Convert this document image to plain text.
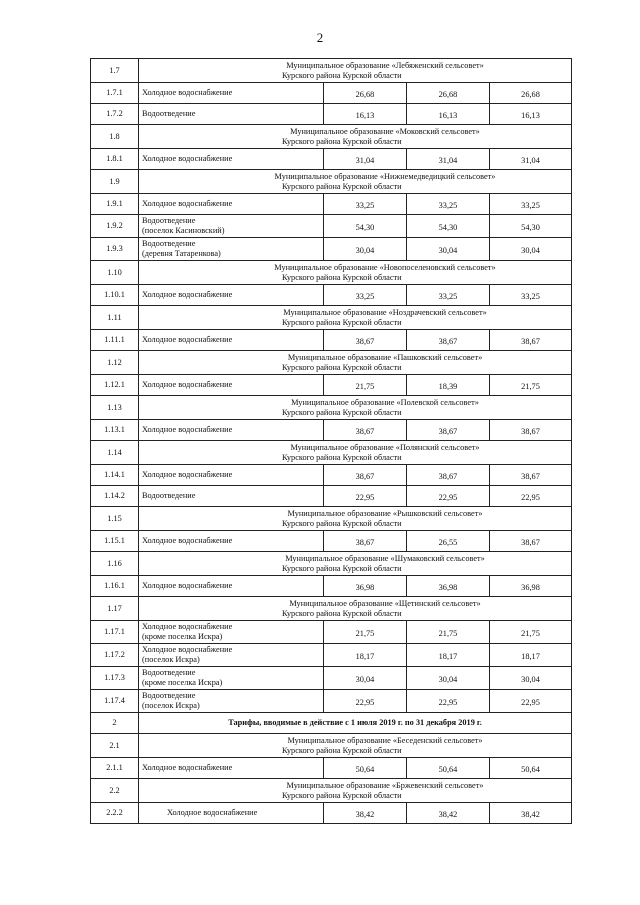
2
1.7	Муниципальное образование «Лебяженский сельсовет»
Курского района Курской области			

1.7.1	Холодное водоснабжение	26,68	26,68	26,68
1.7.2	Водоотведение	16,13	16,13	16,13
1.8	Муниципальное образование «Моковский сельсовет»
Курского района Курской области			

1.8.1	Холодное водоснабжение	31,04	31,04	31,04
1.9	Муниципальное образование «Нижнемедведицкий сельсовет»
Курского района Курской области			

1.9.1	Холодное водоснабжение	33,25	33,25	33,25
1.9.2	Водоотведение
(поселок Касиновский)	54,30	54,30	54,30
1.9.3	Водоотведение
(деревня Татаренкова)	30,04	30,04	30,04
1.10	Муниципальное образование «Новопоселеновский сельсовет»
Курского района Курской области			

1.10.1	Холодное водоснабжение	33,25	33,25	33,25
1.11	Муниципальное образование «Ноздрачевский сельсовет»
Курского района Курской области			

1.11.1	Холодное водоснабжение	38,67	38,67	38,67
1.12	Муниципальное образование «Пашковский сельсовет»
Курского района Курской области			

1.12.1	Холодное водоснабжение	21,75	18,39	21,75
1.13	Муниципальное образование «Полевской сельсовет»
Курского района Курской области			

1.13.1	Холодное водоснабжение	38,67	38,67	38,67
1.14	Муниципальное образование «Полянский сельсовет»
Курского района Курской области			

1.14.1	Холодное водоснабжение	38,67	38,67	38,67
1.14.2	Водоотведение	22,95	22,95	22,95
1.15	Муниципальное образование «Рышковский сельсовет»
Курского района Курской области			

1.15.1	Холодное водоснабжение	38,67	26,55	38,67
1.16	Муниципальное образование «Шумаковский сельсовет»
Курского района Курской области			

1.16.1	Холодное водоснабжение	36,98	36,98	36,98
1.17	Муниципальное образование «Щетинский сельсовет»
Курского района Курской области			

1.17.1	Холодное водоснабжение
(кроме поселка Искра)	21,75	21,75	21,75
1.17.2	Холодное водоснабжение
(поселок Искра)	18,17	18,17	18,17
1.17.3	Водоотведение
(кроме поселка Искра)	30,04	30,04	30,04
1.17.4	Водоотведение
(поселок Искра)	22,95	22,95	22,95
2	Тарифы, вводимые в действие с 1 июля 2019 г. по 31 декабря 2019 г.			
2.1	Муниципальное образование «Беседенский сельсовет»
Курского района Курской области			

2.1.1	Холодное водоснабжение	50,64	50,64	50,64
2.2	Муниципальное образование «Бржевенский сельсовет»
Курского района Курской области			

2.2.2	Холодное водоснабжение	38,42	38,42	38,42
